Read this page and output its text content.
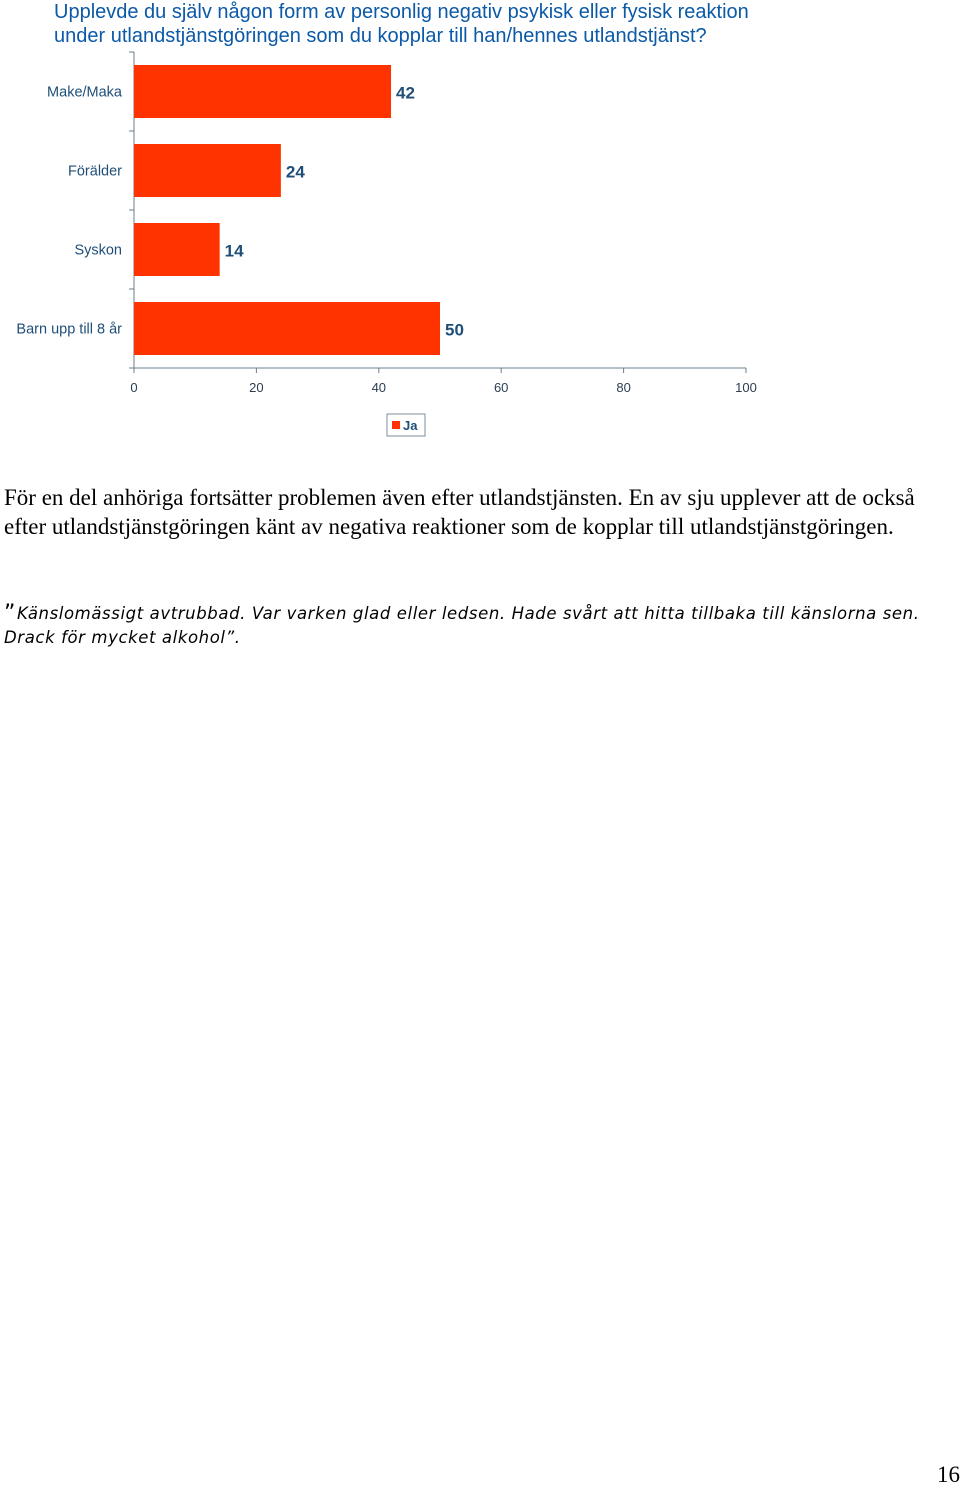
Upplevde du själv någon form av personlig negativ psykisk eller fysisk reaktion
under utlandstjänstgöringen som du kopplar till han/hennes utlandstjänst?
0	20	40	60	80	100
Make/Maka	42
Förälder	24
Syskon	14
Barn upp till 8 år	50
Ja
För en del anhöriga fortsätter problemen även efter utlandstjänsten. En av sju upplever att de också efter utlandstjänstgöringen känt av negativa reaktioner som de kopplar till utlandstjänstgöringen.
”Känslomässigt avtrubbad. Var varken glad eller ledsen. Hade svårt att hitta tillbaka till känslorna sen. Drack för mycket alkohol”.
16
